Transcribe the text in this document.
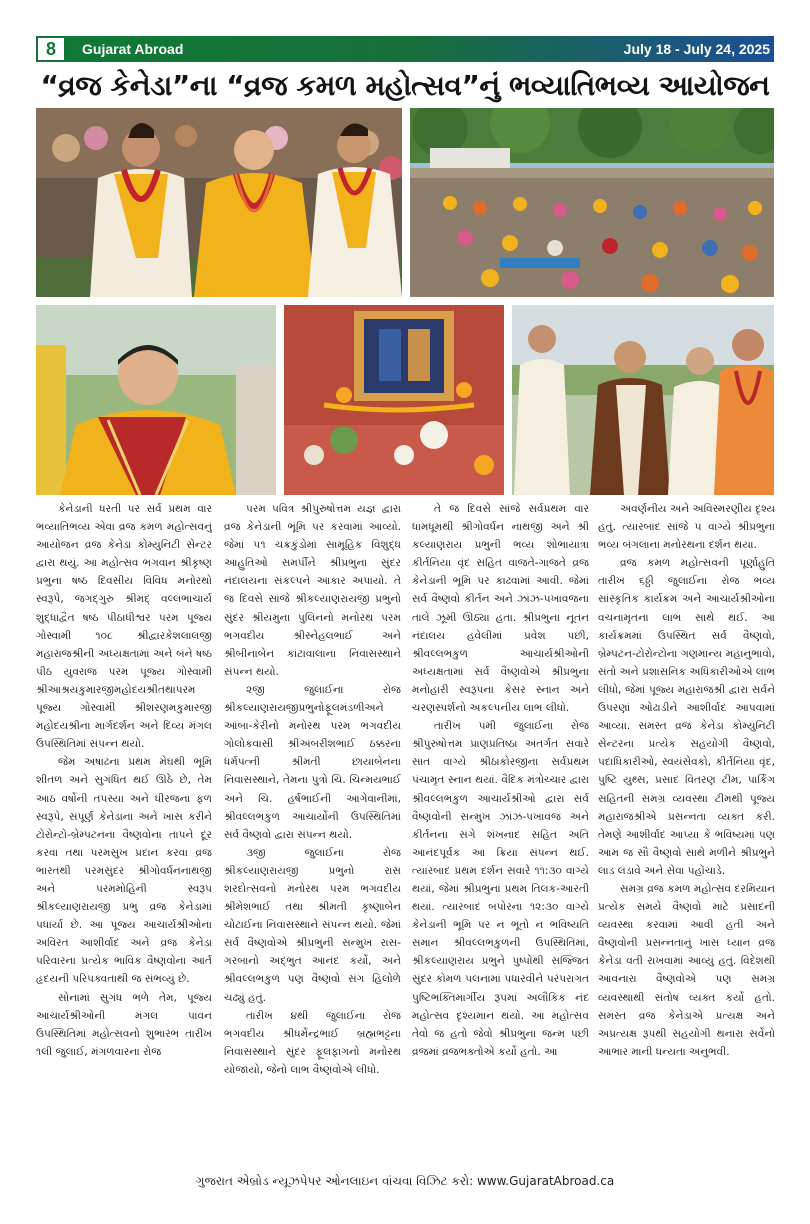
8	Gujarat Abroad	July 18 - July 24, 2025
“વ્રજ કેનેડા”ના “વ્રજ કમળ મહોત્સવ”નું ભવ્યાતિભવ્ય આયોજન

કેનેડાની ધરતી પર સર્વ પ્રથમ વાર ભવ્યાતિભવ્ય એવા વ્રજ કમળ મહોત્સવનું આયોજન વ્રજ કેનેડા કોમ્યુનિટી સેન્ટર દ્વારા થયું. આ મહોત્સવ ભગવાન શ્રીકૃષ્ણ પ્રભુના ષષ્ઠ દિવસીય વિવિધ મનોરથો સ્વરૂપે, જગદ્ગુરુ શ્રીમદ્ વલ્લભાચાર્ય શુદ્ધાદ્વૈત ષષ્ઠ પીઠાધીશ્વર પરમ પૂજ્ય ગોસ્વામી ૧૦૮ શ્રીદ્વારકેશલાલજી મહારાજશ્રીની અધ્યક્ષતામાં અને બંને ષષ્ઠ પીઠ યુવરાજ પરમ પૂજ્ય ગોસ્વામી શ્રીઆશ્રયકુમારજીમહોદયશ્રીતથાપરમ પૂજ્ય ગોસ્વામી શ્રીશરણમકુમારજી મહોદયશ્રીના માર્ગદર્શન અને દિવ્ય મંગલ ઉપસ્થિતિમાં સંપન્ન થયો.

જેમ અષાઢના પ્રથમ મેઘથી ભૂમિ શીતળ અને સુગંધિત થઈ ઊઠે છે, તેમ આઠ વર્ષોની તપસ્યા અને ધીરજના ફળ સ્વરૂપે, સંપૂર્ણ કેનેડાના અને ખાસ કરીને ટોરોન્ટો-બ્રેમ્પટનના વૈષ્ણવોના તાપને દૂર કરવા તથા પરમસુખ પ્રદાન કરવા વ્રજ ભારતથી પરમસુંદર શ્રીગોવર્ધનનાથજી અને પરમમોહિની સ્વરૂપ શ્રીકલ્યાણરાયજી પ્રભુ વ્રજ કેનેડામાં પધાર્યા છે. આ પૂજ્ય આચાર્યશ્રીઓના અવિરત આશીર્વાદ અને વ્રજ કેનેડા પરિવારના પ્રત્યેક ભાવિક વૈષ્ણવોના આર્ત હૃદયની પરિપક્વતાથી જ સંભવ્યું છે.

સોનામાં સુગંધ ભળે તેમ, પૂજ્ય આચાર્યશ્રીઓની મંગલ પાવન ઉપસ્થિતિમાં મહોત્સવનો શુભારંભ તારીખ ૧લી જુલાઈ, મંગળવારના રોજ

પરમ પવિત્ર શ્રીપુરુષોત્તમ યજ્ઞ દ્વારા વ્રજ કેનેડાની ભૂમિ પર કરવામાં આવ્યો. જેમાં ૫૧ ચક્રકુંડોમાં સામૂહિક વિશુદ્ધ આહુતિઓ સમર્પીને શ્રીપ્રભુના સુંદર નંદાલયના સંકલ્પને આકાર અપાયો. તે જ દિવસે સાંજે શ્રીકલ્યાણરાયજી પ્રભુનો સુંદર શ્રીયમુના પુલિનનો મનોરથ પરમ ભગવદીય શ્રીસ્નેહલભાઈ અને શ્રીબીનાબેન કાંટાવાલાના નિવાસસ્થાને સંપન્ન થયો.

૨જી જુલાઈના રોજ શ્રીકલ્યાણરાયજીપ્રભુનોફૂલમંડળીઅને આંબા-કેરીનો મનોરથ પરમ ભગવદીય ગોલોકવાસી શ્રીઅંબરીશભાઈ ઠક્કરના ધર્મપત્ની શ્રીમતી છાયાબેનના નિવાસસ્થાને, તેમના પુત્રો ચિ. ચિન્મયભાઈ અને ચિ. હર્ષભાઈની આગેવાનીમાં, શ્રીવલ્લભકુળ આચાર્યોની ઉપસ્થિતિમાં સર્વ વૈષ્ણવો દ્વારા સંપન્ન થયો.

૩જી જુલાઈના રોજ શ્રીકલ્યાણરાયજી પ્રભુનો રાસ શરદોત્સવનો મનોરથ પરમ ભગવદીય શ્રીમેશભાઈ તથા શ્રીમતી કૃષ્ણાબેન ચોટાઈના નિવાસસ્થાને સંપન્ન થયો. જેમાં સર્વ વૈષ્ણવોએ શ્રીપ્રભુની સન્મુખ રાસ-ગરબાનો અદ્ભુત આનંદ કર્યો, અને શ્રીવલ્લભકુળ પણ વૈષ્ણવો સંગ હિલોળે ચઢ્યું હતું.

તારીખ ૪થી જુલાઈના રોજ ભગવદીય શ્રીધર્મેન્દ્રભાઈ બ્રહ્મભટ્ટના નિવાસસ્થાને સુંદર ફૂલફાગનો મનોરથ યોજાયો, જેનો લાભ વૈષ્ણવોએ લીધો.

તે જ દિવસે સાંજે સર્વપ્રથમ વાર ધામધૂમથી શ્રીગોવર્ધન નાથજી અને શ્રી કલ્યાણરાય પ્રભુની ભવ્ય શોભાયાત્રા કીર્તનિયા વૃંદ સહિત વાજતે-ગાજતે વ્રજ કેનેડાની ભૂમિ પર કાઢવામાં આવી. જેમાં સર્વ વૈષ્ણવો કીર્તન અને ઝાંઝ-પખાવજના તાલે ઝૂમી ઊઠ્યા હતા. શ્રીપ્રભુના નૂતન નંદાલય હવેલીમાં પ્રવેશ પછી, શ્રીવલ્લભકુળ આચાર્યશ્રીઓની અધ્યક્ષતામાં સર્વ વૈષ્ણવોએ શ્રીપ્રભુના મનોહારી સ્વરૂપના કેસર સ્નાન અને ચરણસ્પર્શનો અકલ્પનીય લાભ લીધો.

તારીખ ૫મી જુલાઈના રોજ શ્રીપુરુષોત્તમ પ્રાણપ્રતિષ્ઠા અંતર્ગત સવારે સાત વાગ્યે શ્રીઠાકોરજીના સર્વપ્રથમ પંચામૃત સ્નાન થયાં. વૈદિક મંત્રોચ્ચાર દ્વારા શ્રીવલ્લભકુળ આચાર્યશ્રીઓ દ્વારા સર્વ વૈષ્ણવોની સન્મુખ ઝાંઝ-પખાવજ અને કીર્તનના સંગે શંખનાદ સહિત અતિ આનંદપૂર્વક આ ક્રિયા સંપન્ન થઈ. ત્યારબાદ પ્રથમ દર્શન સવારે ૧૧:૩૦ વાગ્યે થયાં, જેમાં શ્રીપ્રભુનાં પ્રથમ તિલક-આરતી થયાં. ત્યારબાદ બપોરના ૧૨:૩૦ વાગ્યે કેનેડાની ભૂમિ પર ન ભૂતો ન ભવિષ્યતિ સમાન શ્રીવલ્લભકુળની ઉપસ્થિતિમાં, શ્રીકલ્યાણરાય પ્રભુને પુષ્પોથી સજ્જિત સુંદર કોમળ પલનામાં પધારવીને પરંપરાગત પુષ્ટિભક્તિમાર્ગીય રૂપમાં અલૌકિક નંદ મહોત્સવ દૃશ્યમાન થયો. આ મહોત્સવ તેવો જ હતો જેવો શ્રીપ્રભુના જન્મ પછી વ્રજમાં વ્રજભક્તોએ કર્યો હતો. આ

અવર્ણનીય અને અવિસ્મરણીય દૃશ્ય હતું. ત્યારબાદ સાંજે ૫ વાગ્યે શ્રીપ્રભુના ભવ્ય બંગલાના મનોરથના દર્શન થયા.

વ્રજ કમળ મહોત્સવની પૂર્ણાહુતિ તારીખ ૬ઠ્ઠી જુલાઈના રોજ ભવ્ય સાંસ્કૃતિક કાર્યક્રમ અને આચાર્યશ્રીઓના વચનામૃતના લાભ સાથે થઈ. આ કાર્યક્રમમાં ઉપસ્થિત સર્વ વૈષ્ણવો, બ્રેમ્પટન-ટોરોન્ટોના ગણમાન્ય મહાનુભાવો, સંતો અને પ્રશાસનિક અધિકારીઓએ લાભ લીધો, જેમાં પૂજ્ય મહારાજશ્રી દ્વારા સર્વને ઉપરણાં ઓઢાડીને આશીર્વાદ આપવામાં આવ્યા. સમસ્ત વ્રજ કેનેડા કોમ્યુનિટી સેન્ટરના પ્રત્યેક સહયોગી વૈષ્ણવો, પદાધિકારીઓ, સ્વયંસેવકો, કીર્તનિયા વૃંદ, પુષ્ટિ યુથ્સ, પ્રસાદ વિતરણ ટીમ, પાર્કિંગ સહિતની સમગ્ર વ્યવસ્થા ટીમથી પૂજ્ય મહારાજશ્રીએ પ્રસન્નતા વ્યક્ત કરી. તેમણે આશીર્વાદ આપ્યા કે ભવિષ્યમાં પણ આમ જ સૌ વૈષ્ણવો સાથે મળીને શ્રીપ્રભુને લાડ લડાવે અને સેવા પહોંચાડે.

સમગ્ર વ્રજ કમળ મહોત્સવ દરમિયાન પ્રત્યેક સમયે વૈષ્ણવો માટે પ્રસાદની વ્યવસ્થા કરવામાં આવી હતી અને વૈષ્ણવોની પ્રસન્નતાનું ખાસ ધ્યાન વ્રજ કેનેડા વતી રાખવામાં આવ્યું હતું. વિદેશથી આવનારા વૈષ્ણવોએ પણ સમગ્ર વ્યવસ્થાથી સંતોષ વ્યક્ત કર્યો હતો. સમસ્ત વ્રજ કેનેડાએ પ્રત્યક્ષ અને અપ્રત્યક્ષ રૂપથી સહયોગી થનારા સર્વેનો આભાર માની ધન્યતા અનુભવી.

ગુજરાત એબ્રોડ ન્યૂઝપેપર ઓનલાઇન વાંચવા વિઝિટ કરો: www.GujaratAbroad.ca
